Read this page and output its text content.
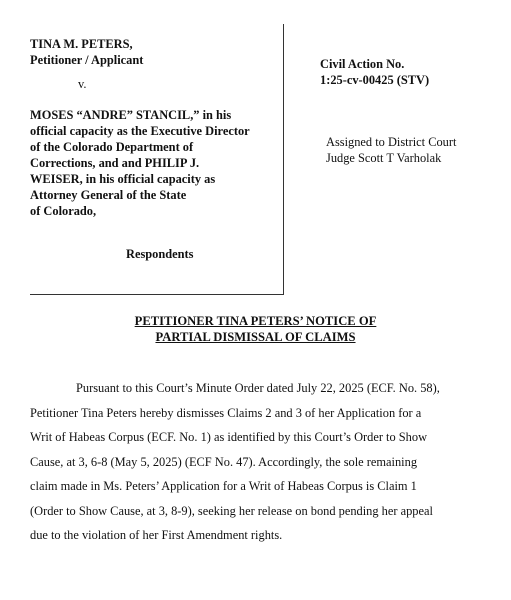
TINA M. PETERS,
Petitioner / Applicant
v.
MOSES “ANDRE” STANCIL,” in his
official capacity as the Executive Director
of the Colorado Department of
Corrections, and and PHILIP J.
WEISER, in his official capacity as
Attorney General of the State
of Colorado,
Respondents
Civil Action No.
1:25-cv-00425 (STV)
Assigned to District Court
Judge Scott T Varholak
PETITIONER TINA PETERS’ NOTICE OF
PARTIAL DISMISSAL OF CLAIMS
Pursuant to this Court’s Minute Order dated July 22, 2025 (ECF. No. 58),
Petitioner Tina Peters hereby dismisses Claims 2 and 3 of her Application for a
Writ of Habeas Corpus (ECF. No. 1) as identified by this Court’s Order to Show
Cause, at 3, 6-8 (May 5, 2025) (ECF No. 47). Accordingly, the sole remaining
claim made in Ms. Peters’ Application for a Writ of Habeas Corpus is Claim 1
(Order to Show Cause, at 3, 8-9), seeking her release on bond pending her appeal
due to the violation of her First Amendment rights.
